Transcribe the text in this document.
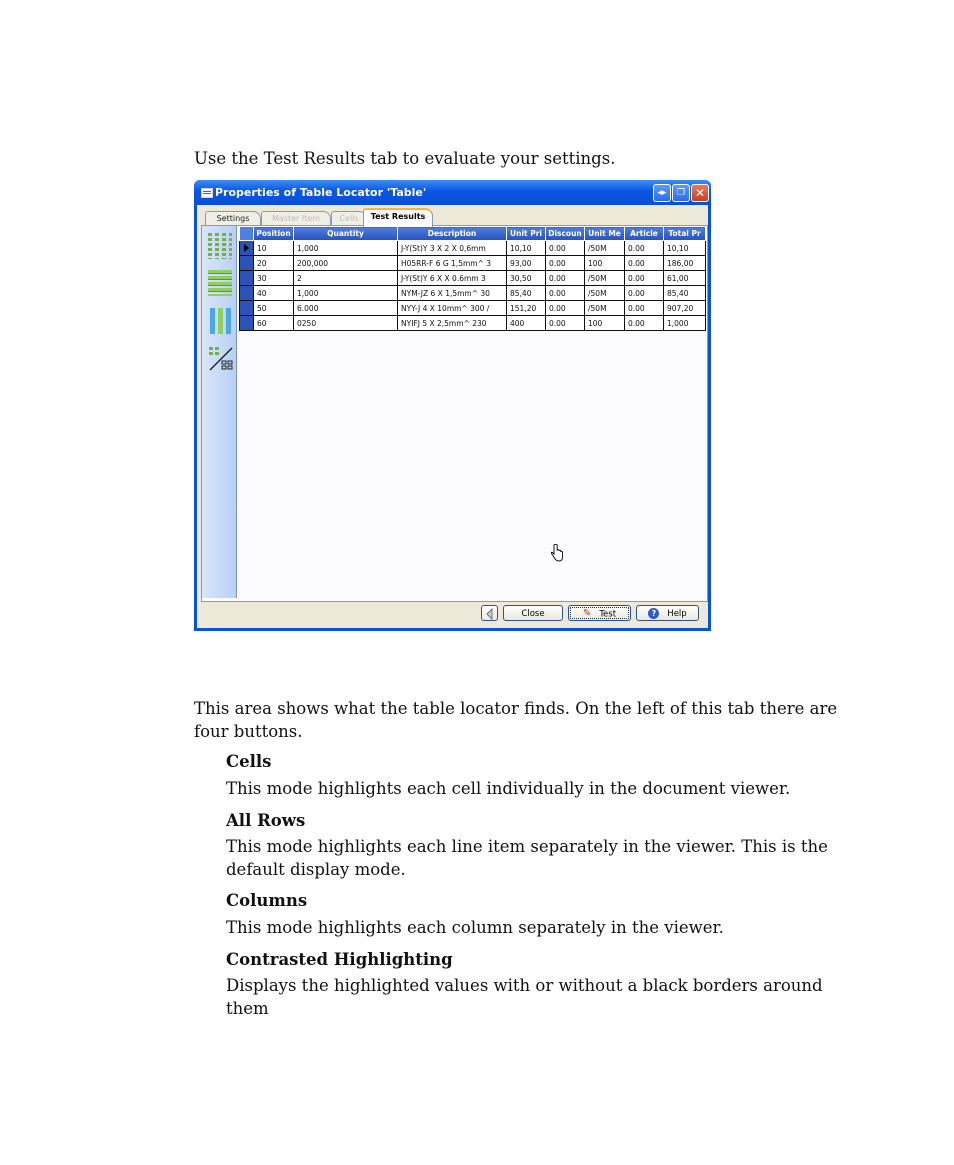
Use the Test Results tab to evaluate your settings.
Properties of Table Locator 'Table'	◂▸	❐ ✕
Settings	Master Item	Cells	Test Results
	Position	Quantity	Description	Unit Pri	Discoun	Unit Me	Article	Total Pr

	10	1,000	J-Y(St)Y 3 X 2 X 0,6mm	10,10	0.00	/50M	0.00	10,10
	20	200,000	H05RR-F 6 G 1,5mm^ 3	93,00	0.00	100	0.00	186,00
	30	2	J-Y(St)Y 6 X X 0.6mm 3	30,50	0.00	/50M	0.00	61,00
	40	1,000	NYM-JZ 6 X 1,5mm^ 30	85,40	0.00	/50M	0.00	85,40
	50	6.000	NYY-J 4 X 10mm^ 300 /	151,20	0.00	/50M	0.00	907,20
	60	0250	NYIFJ 5 X 2,5mm^ 230	400	0.00	100	0.00	1,000
Close	✎ Test	? Help
This area shows what the table locator finds. On the left of this tab there are four buttons.
Cells
This mode highlights each cell individually in the document viewer.
All Rows
This mode highlights each line item separately in the viewer. This is the default display mode.
Columns
This mode highlights each column separately in the viewer.
Contrasted Highlighting
Displays the highlighted values with or without a black borders around them
